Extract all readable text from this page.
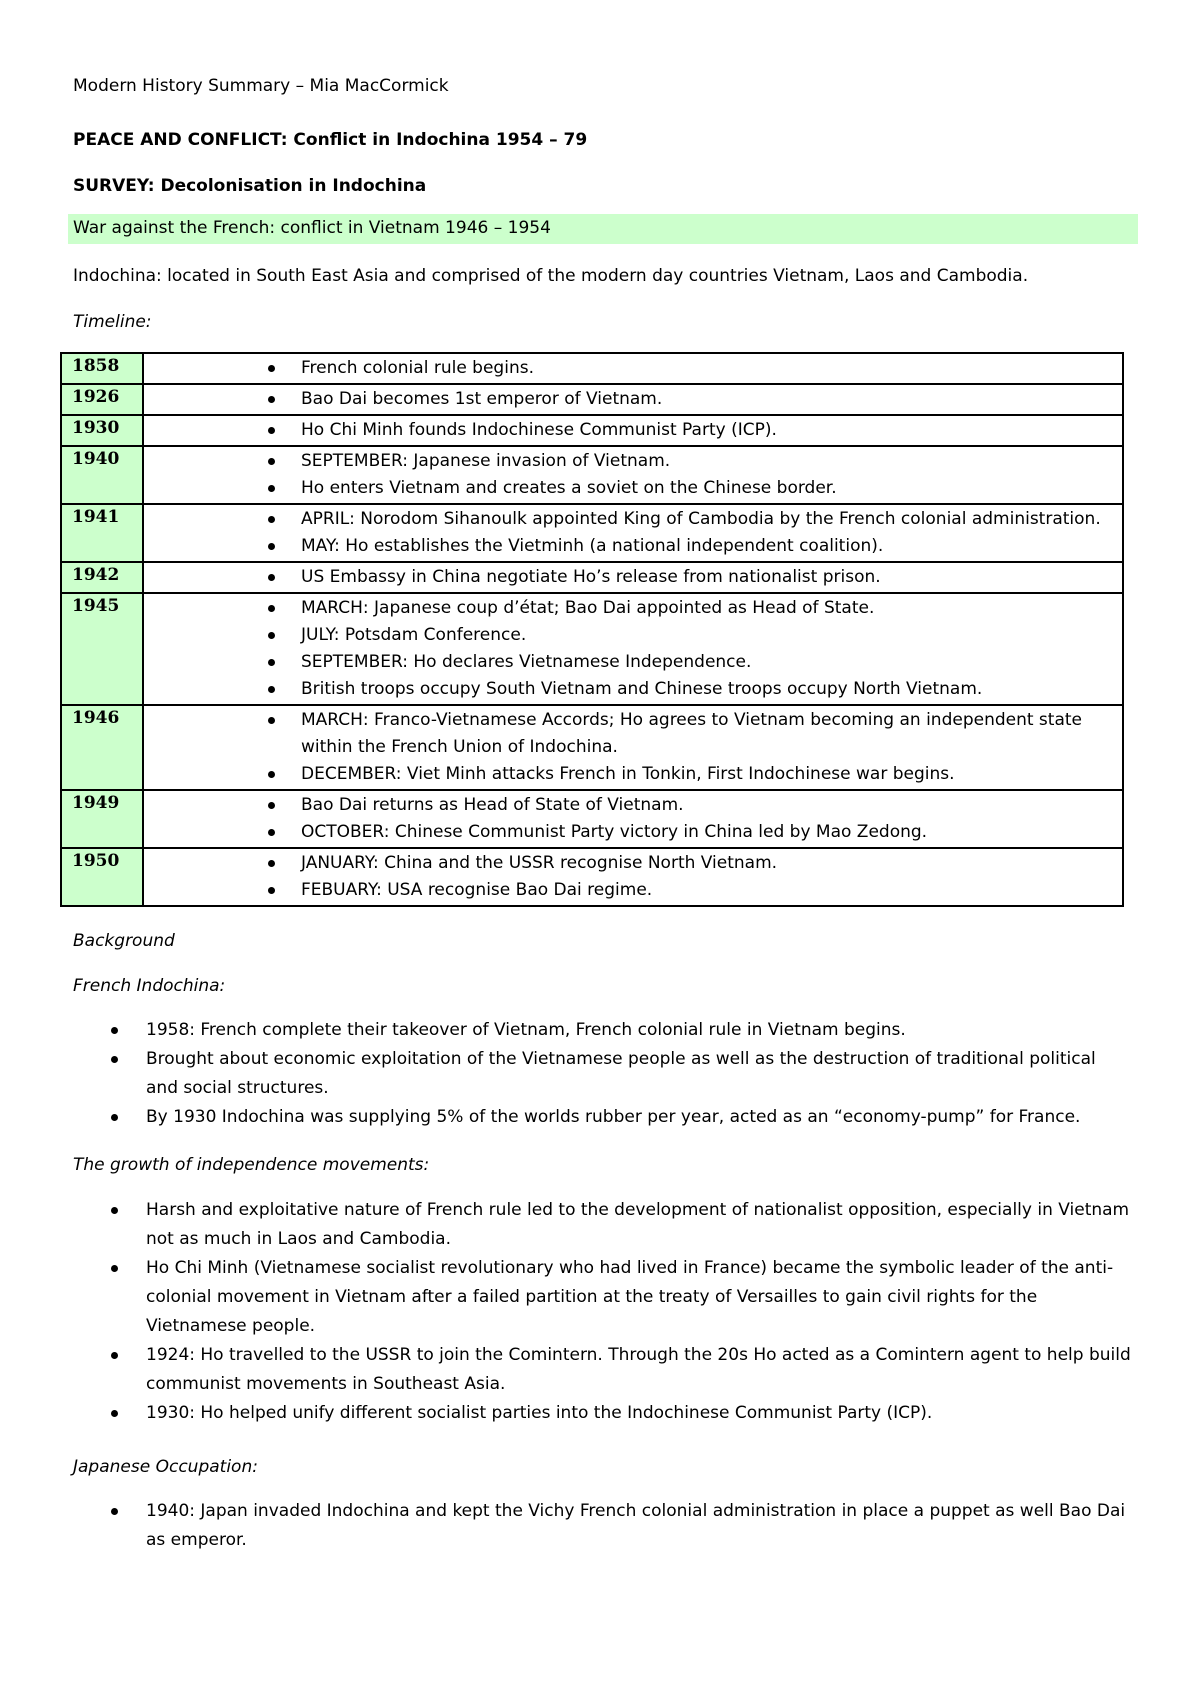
Modern History Summary – Mia MacCormick
PEACE AND CONFLICT: Conflict in Indochina 1954 – 79
SURVEY: Decolonisation in Indochina
War against the French: conflict in Vietnam 1946 – 1954
Indochina: located in South East Asia and comprised of the modern day countries Vietnam, Laos and Cambodia.
Timeline:
1858	French colonial rule begins.

1926	Bao Dai becomes 1st emperor of Vietnam.

1930	Ho Chi Minh founds Indochinese Communist Party (ICP).

1940	SEPTEMBER: Japanese invasion of Vietnam.
Ho enters Vietnam and creates a soviet on the Chinese border.

1941	APRIL: Norodom Sihanoulk appointed King of Cambodia by the French colonial administration.
MAY: Ho establishes the Vietminh (a national independent coalition).

1942	US Embassy in China negotiate Ho’s release from nationalist prison.

1945	MARCH: Japanese coup d’état; Bao Dai appointed as Head of State.
JULY: Potsdam Conference.
SEPTEMBER: Ho declares Vietnamese Independence.
British troops occupy South Vietnam and Chinese troops occupy North Vietnam.

1946	MARCH: Franco-Vietnamese Accords; Ho agrees to Vietnam becoming an independent state within the French Union of Indochina.
DECEMBER: Viet Minh attacks French in Tonkin, First Indochinese war begins.

1949	Bao Dai returns as Head of State of Vietnam.
OCTOBER: Chinese Communist Party victory in China led by Mao Zedong.

1950	JANUARY: China and the USSR recognise North Vietnam.
FEBUARY: USA recognise Bao Dai regime.
Background
French Indochina:
1958: French complete their takeover of Vietnam, French colonial rule in Vietnam begins.
Brought about economic exploitation of the Vietnamese people as well as the destruction of traditional political and social structures.
By 1930 Indochina was supplying 5% of the worlds rubber per year, acted as an “economy-pump” for France.
The growth of independence movements:
Harsh and exploitative nature of French rule led to the development of nationalist opposition, especially in Vietnam not as much in Laos and Cambodia.
Ho Chi Minh (Vietnamese socialist revolutionary who had lived in France) became the symbolic leader of the anti-colonial movement in Vietnam after a failed partition at the treaty of Versailles to gain civil rights for the Vietnamese people.
1924: Ho travelled to the USSR to join the Comintern. Through the 20s Ho acted as a Comintern agent to help build communist movements in Southeast Asia.
1930: Ho helped unify different socialist parties into the Indochinese Communist Party (ICP).
Japanese Occupation:
1940: Japan invaded Indochina and kept the Vichy French colonial administration in place a puppet as well Bao Dai as emperor.
